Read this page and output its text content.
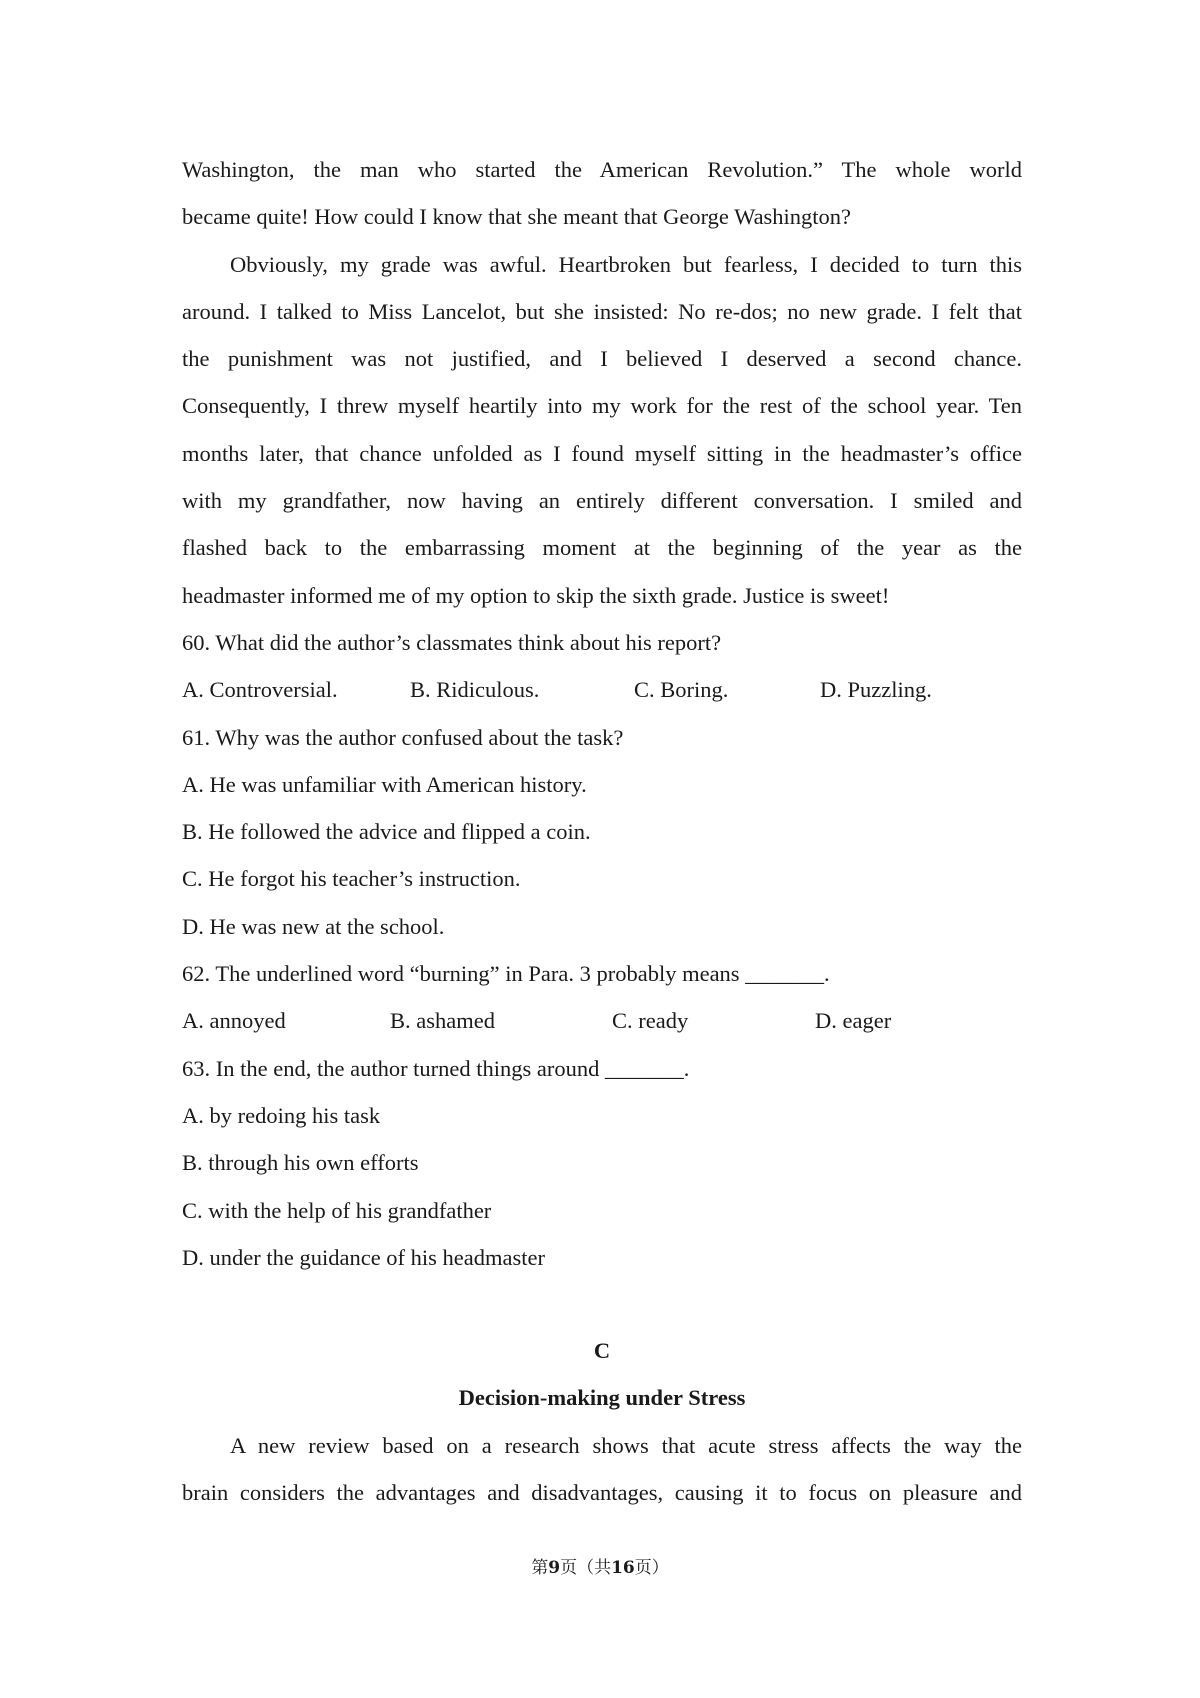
Washington, the man who started the American Revolution.” The whole world
became quite! How could I know that she meant that George Washington?
Obviously, my grade was awful. Heartbroken but fearless, I decided to turn this
around. I talked to Miss Lancelot, but she insisted: No re-dos; no new grade. I felt that
the punishment was not justified, and I believed I deserved a second chance.
Consequently, I threw myself heartily into my work for the rest of the school year. Ten
months later, that chance unfolded as I found myself sitting in the headmaster’s office
with my grandfather, now having an entirely different conversation. I smiled and
flashed back to the embarrassing moment at the beginning of the year as the
headmaster informed me of my option to skip the sixth grade. Justice is sweet!
60. What did the author’s classmates think about his report?
A. Controversial.	B. Ridiculous.	C. Boring.	D. Puzzling.
61. Why was the author confused about the task?
A. He was unfamiliar with American history.
B. He followed the advice and flipped a coin.
C. He forgot his teacher’s instruction.
D. He was new at the school.
62. The underlined word “burning” in Para. 3 probably means _______.
A. annoyed	B. ashamed	C. ready	D. eager
63. In the end, the author turned things around _______.
A. by redoing his task
B. through his own efforts
C. with the help of his grandfather
D. under the guidance of his headmaster
C
Decision-making under Stress
A new review based on a research shows that acute stress affects the way the
brain considers the advantages and disadvantages, causing it to focus on pleasure and
第9页（共16页）
